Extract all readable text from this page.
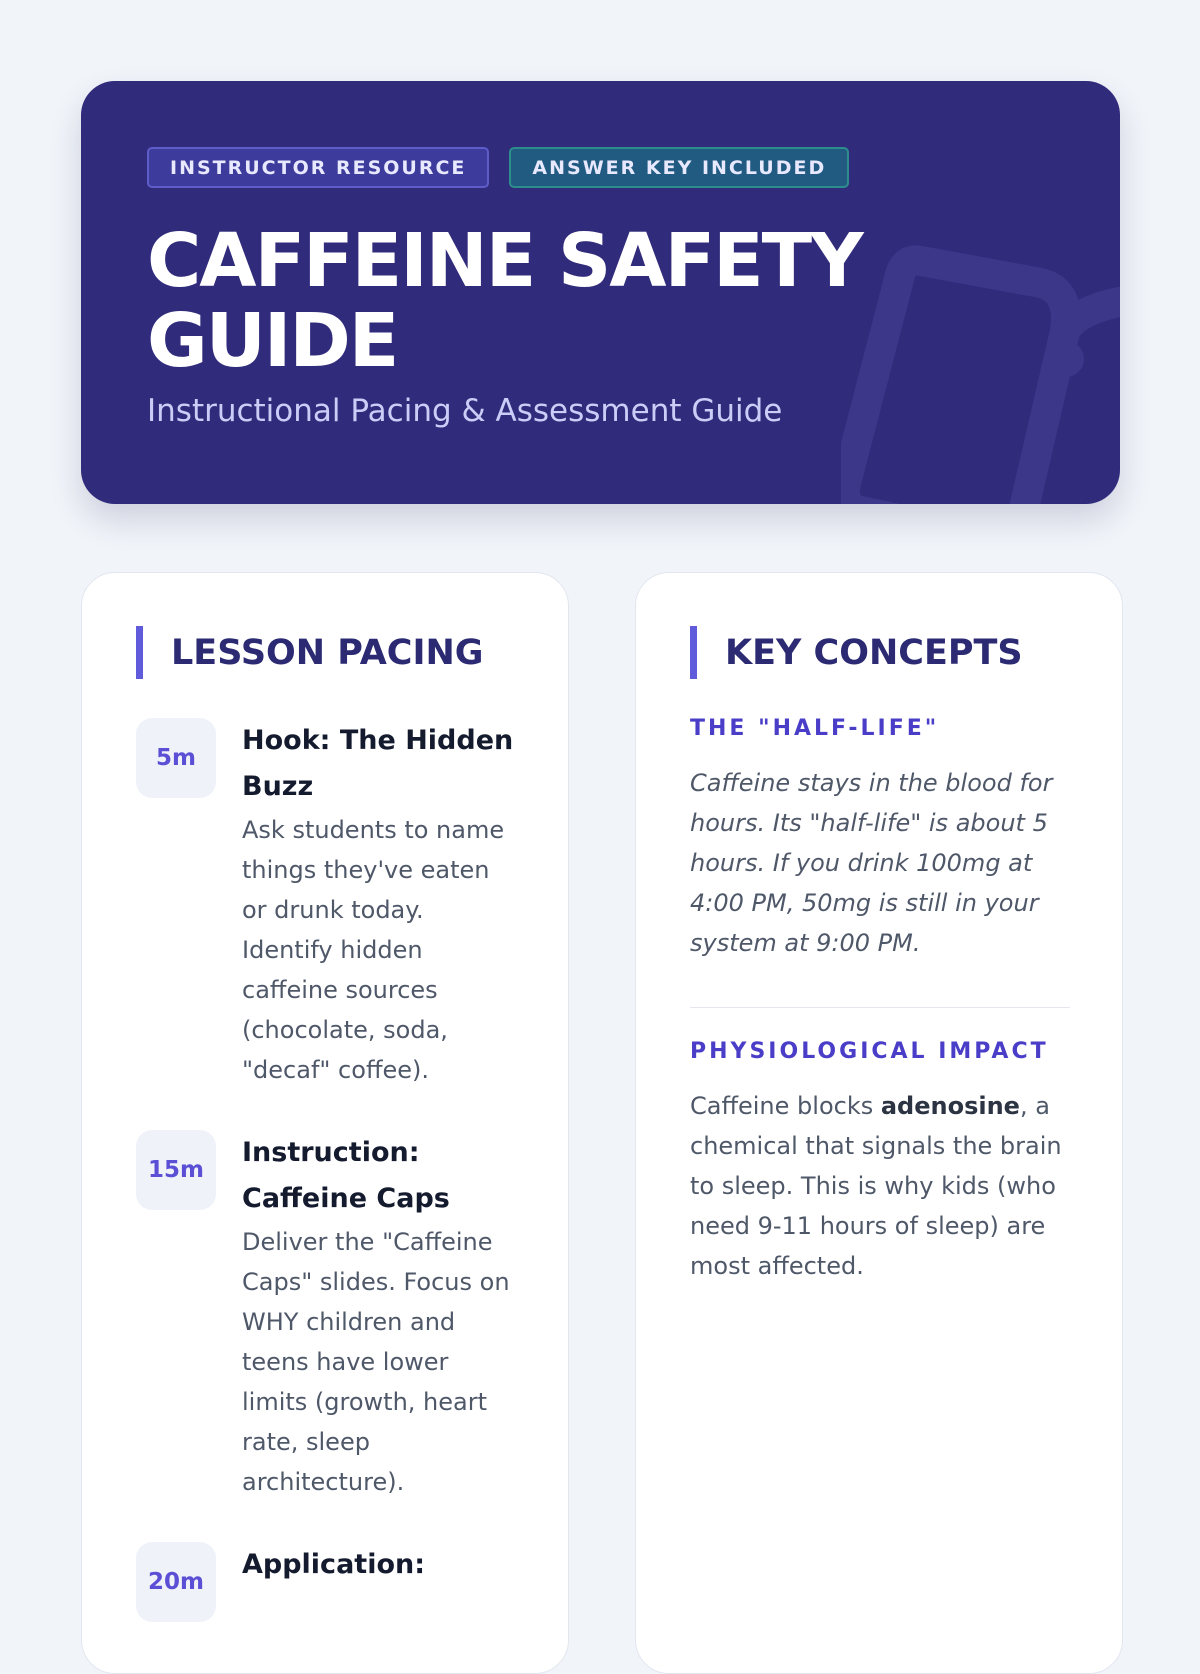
INSTRUCTOR RESOURCE	ANSWER KEY INCLUDED
CAFFEINE SAFETY GUIDE

Instructional Pacing & Assessment Guide

LESSON PACING
5m
Hook: The Hidden Buzz
Ask students to name things they've eaten or drunk today. Identify hidden caffeine sources (chocolate, soda, "decaf" coffee).
15m
Instruction: Caffeine Caps
Deliver the "Caffeine Caps" slides. Focus on WHY children and teens have lower limits (growth, heart rate, sleep architecture).
20m
Application:
KEY CONCEPTS
THE "HALF-LIFE"
Caffeine stays in the blood for hours. Its "half-life" is about 5 hours. If you drink 100mg at 4:00 PM, 50mg is still in your system at 9:00 PM.
PHYSIOLOGICAL IMPACT
Caffeine blocks adenosine, a chemical that signals the brain to sleep. This is why kids (who need 9-11 hours of sleep) are most affected.
